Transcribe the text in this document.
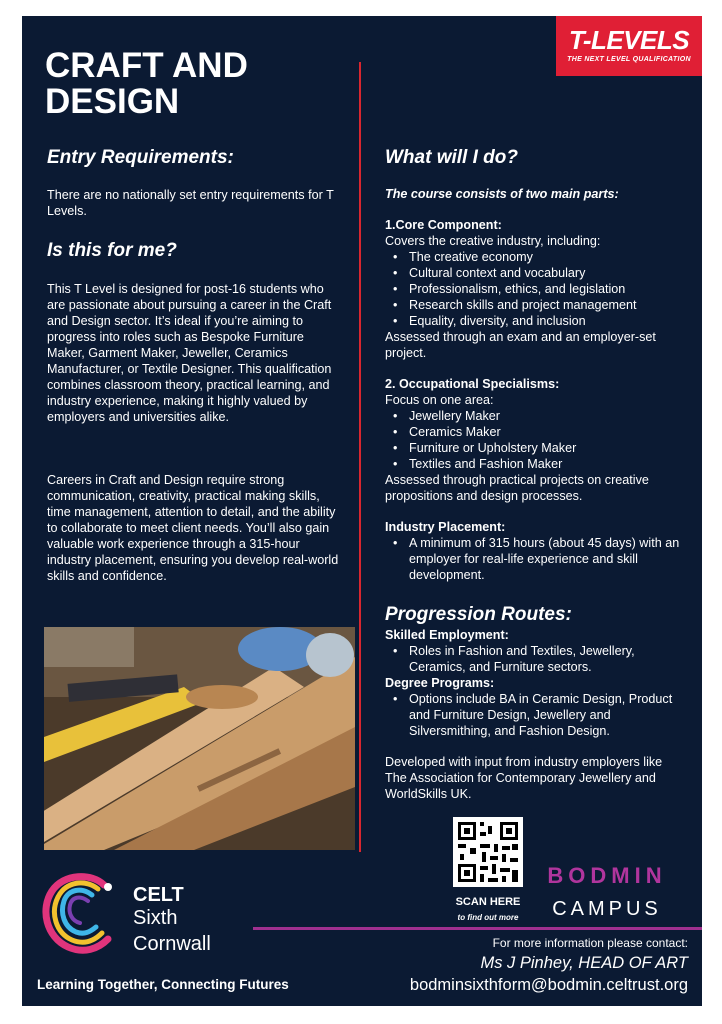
T-LEVELS
THE NEXT LEVEL QUALIFICATION
CRAFT AND DESIGN
Entry Requirements:

There are no nationally set entry requirements for T Levels.

Is this for me?

This T Level is designed for post-16 students who are passionate about pursuing a career in the Craft and Design sector. It’s ideal if you’re aiming to progress into roles such as Bespoke Furniture Maker, Garment Maker, Jeweller, Ceramics Manufacturer, or Textile Designer. This qualification combines classroom theory, practical learning, and industry experience, making it highly valued by employers and universities alike.

Careers in Craft and Design require strong communication, creativity, practical making skills, time management, attention to detail, and the ability to collaborate to meet client needs. You’ll also gain valuable work experience through a 315-hour industry placement, ensuring you develop real-world skills and confidence.

What will I do?

The course consists of two main parts:

1.Core Component:

Covers the creative industry, including:

• The creative economy
• Cultural context and vocabulary
• Professionalism, ethics, and legislation
• Research skills and project management
• Equality, diversity, and inclusion

Assessed through an exam and an employer-set project.

2. Occupational Specialisms:

Focus on one area:

• Jewellery Maker
• Ceramics Maker
• Furniture or Upholstery Maker
• Textiles and Fashion Maker

Assessed through practical projects on creative propositions and design processes.

Industry Placement:

• A minimum of 315 hours (about 45 days) with an employer for real-life experience and skill development.
Progression Routes:

Skilled Employment:

• Roles in Fashion and Textiles, Jewellery, Ceramics, and Furniture sectors.

Degree Programs:

• Options include BA in Ceramic Design, Product and Furniture Design, Jewellery and Silversmithing, and Fashion Design.

Developed with input from industry employers like The Association for Contemporary Jewellery and WorldSkills UK.

SCAN HERE
to find out more
BODMIN
CAMPUS
CELT
Sixth
Cornwall
Learning Together, Connecting Futures
For more information please contact:
Ms J Pinhey, HEAD OF ART
bodminsixthform@bodmin.celtrust.org
